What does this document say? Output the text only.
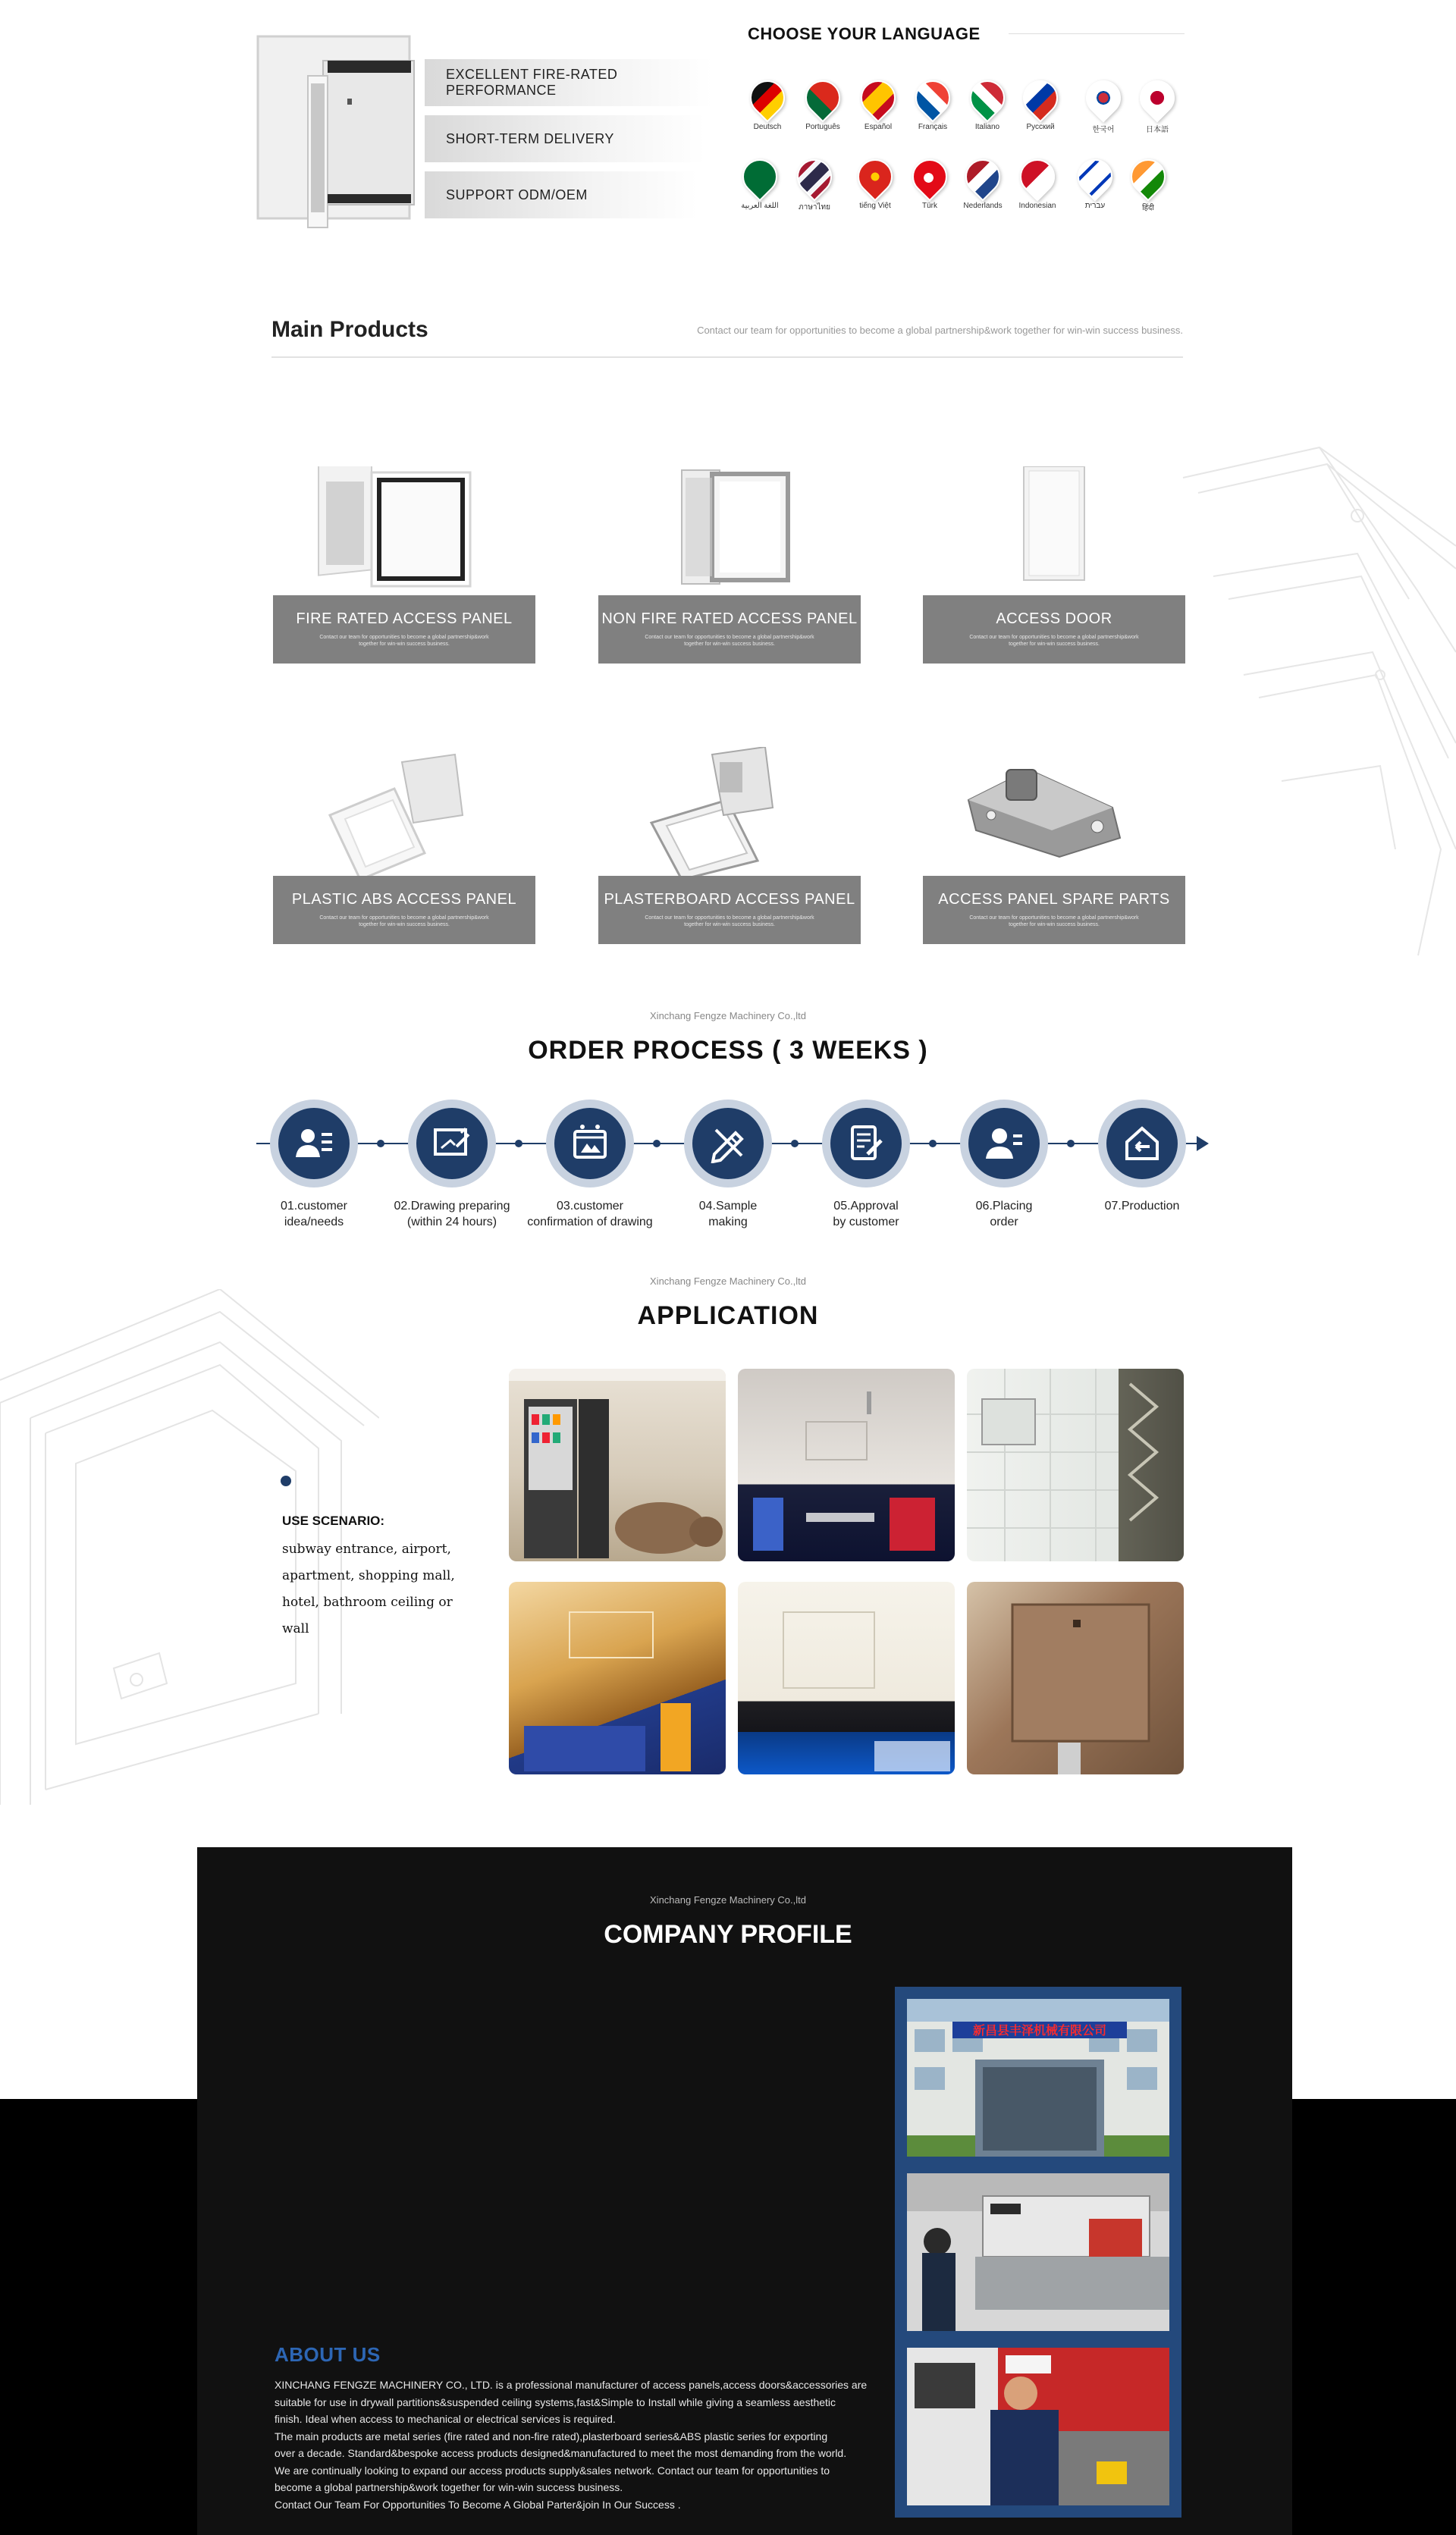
EXCELLENT FIRE-RATED PERFORMANCE
SHORT-TERM DELIVERY
SUPPORT ODM/OEM
CHOOSE YOUR LANGUAGE
Deutsch	Português	Español	Français	Italiano	Русский	한국어	日本語
اللغة العربية	ภาษาไทย	tiếng Việt	Türk	Nederlands	Indonesian	עברית	हिंदी
Main Products	Contact our team for opportunities to become a global partnership&work together for win-win success business.

FIRE RATED ACCESS PANEL
Contact our team for opportunities to become a global partnership&work together for win-win success business.
NON FIRE RATED ACCESS PANEL
Contact our team for opportunities to become a global partnership&work together for win-win success business.
ACCESS DOOR
Contact our team for opportunities to become a global partnership&work together for win-win success business.
PLASTIC ABS ACCESS PANEL
Contact our team for opportunities to become a global partnership&work together for win-win success business.
PLASTERBOARD ACCESS PANEL
Contact our team for opportunities to become a global partnership&work together for win-win success business.
ACCESS PANEL SPARE PARTS
Contact our team for opportunities to become a global partnership&work together for win-win success business.
Xinchang Fengze Machinery Co.,ltd
ORDER PROCESS ( 3 WEEKS )
01.customer
idea/needs
02.Drawing preparing
(within 24 hours)
03.customer
confirmation of drawing
04.Sample
making
05.Approval
by customer
06.Placing
order
07.Production

Xinchang Fengze Machinery Co.,ltd
APPLICATION
USE SCENARIO:
subway entrance, airport,
apartment, shopping mall,
hotel, bathroom ceiling or wall
Xinchang Fengze Machinery Co.,ltd
COMPANY PROFILE
新昌县丰泽机械有限公司
ABOUT US

XINCHANG FENGZE MACHINERY CO., LTD. is a professional manufacturer of access panels,access doors&accessories are

suitable for use in drywall partitions&suspended ceiling systems,fast&Simple to Install while giving a seamless aesthetic

finish. Ideal when access to mechanical or electrical services is required.

The main products are metal series (fire rated and non-fire rated),plasterboard series&ABS plastic series for exporting

over a decade. Standard&bespoke access products designed&manufactured to meet the most demanding from the world.

We are continually looking to expand our access products supply&sales network. Contact our team for opportunities to

become a global partnership&work together for win-win success business.

Contact Our Team For Opportunities To Become A Global Parter&join In Our Success .
